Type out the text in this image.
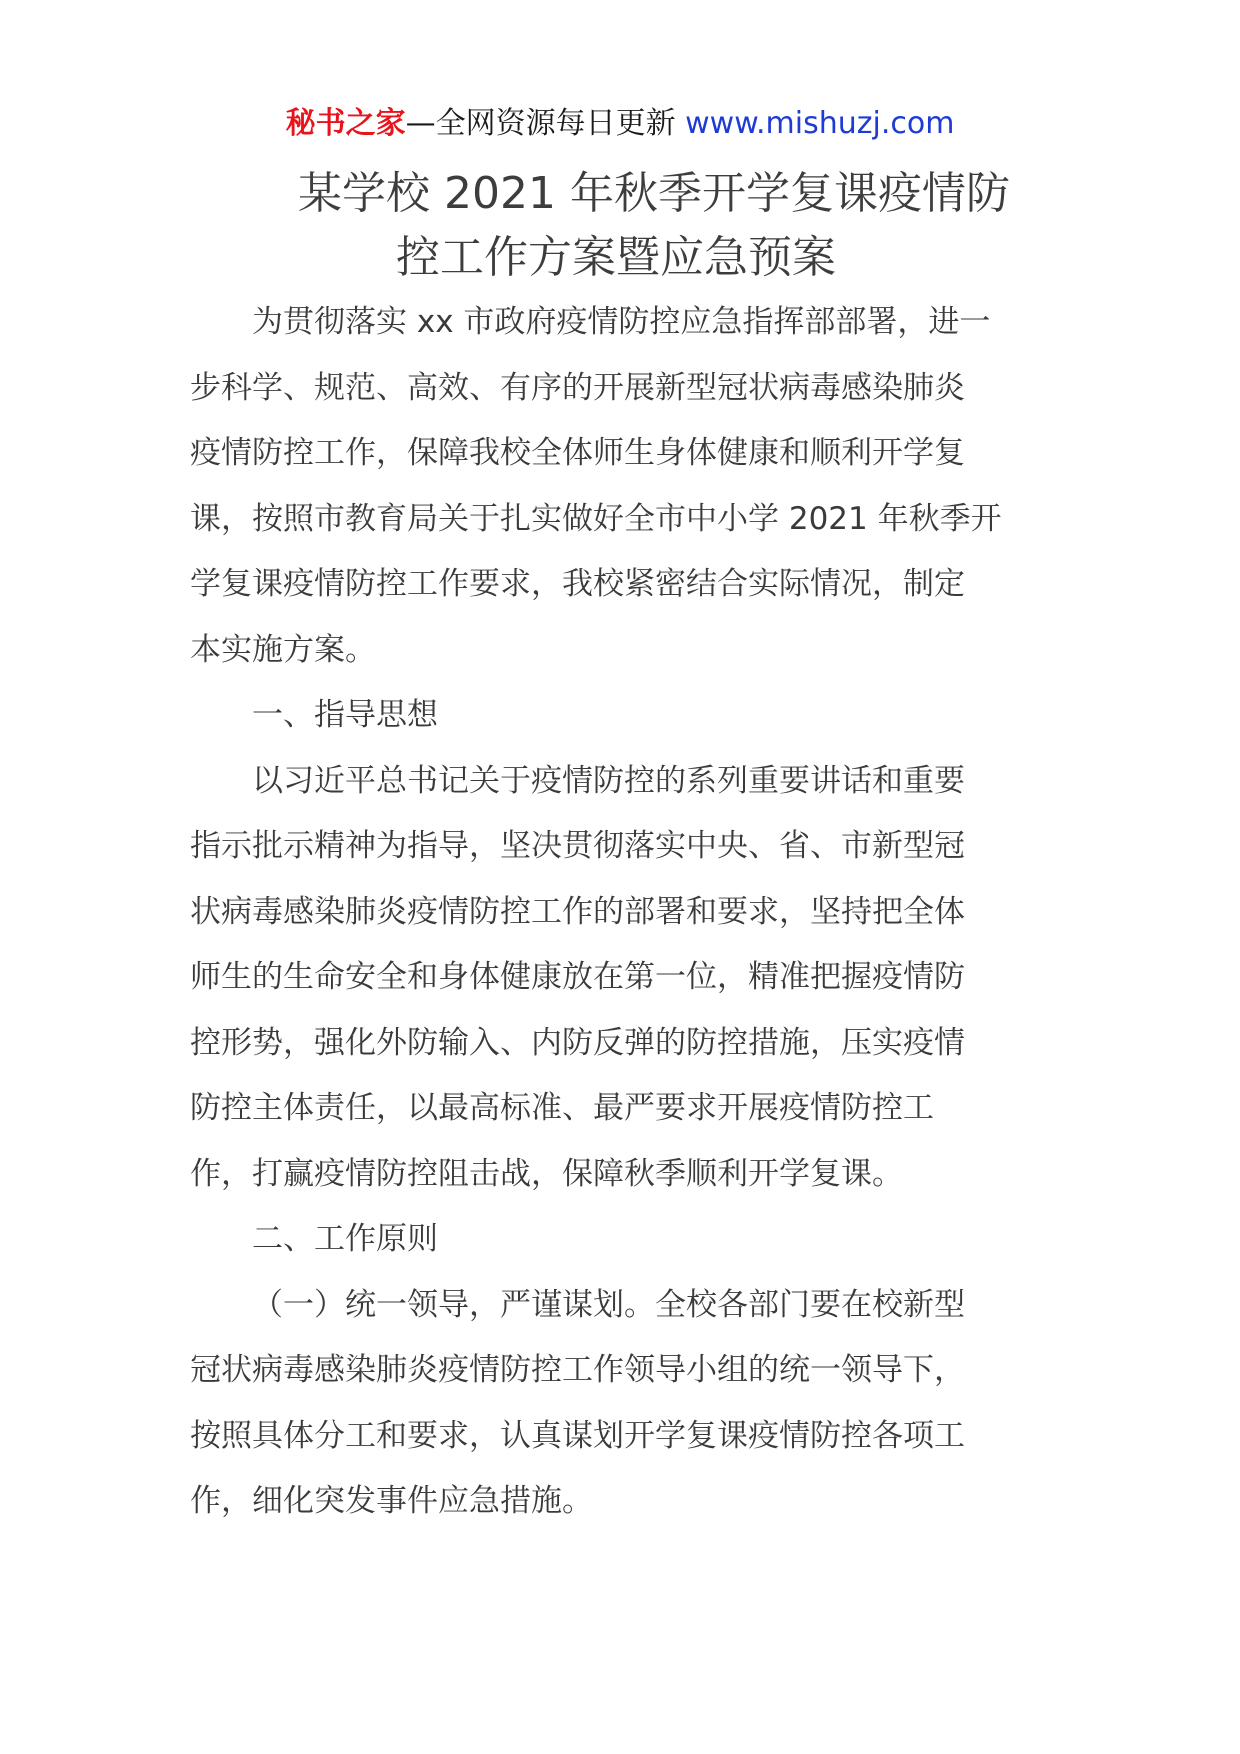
秘书之家—全网资源每日更新 www.mishuzj.com
某学校 2021 年秋季开学复课疫情防
控工作方案暨应急预案

为贯彻落实 xx 市政府疫情防控应急指挥部部署，进一
步科学、规范、高效、有序的开展新型冠状病毒感染肺炎
疫情防控工作，保障我校全体师生身体健康和顺利开学复
课，按照市教育局关于扎实做好全市中小学 2021 年秋季开
学复课疫情防控工作要求，我校紧密结合实际情况，制定
本实施方案。

一、指导思想

以习近平总书记关于疫情防控的系列重要讲话和重要
指示批示精神为指导，坚决贯彻落实中央、省、市新型冠
状病毒感染肺炎疫情防控工作的部署和要求，坚持把全体
师生的生命安全和身体健康放在第一位，精准把握疫情防
控形势，强化外防输入、内防反弹的防控措施，压实疫情
防控主体责任，以最高标准、最严要求开展疫情防控工
作，打赢疫情防控阻击战，保障秋季顺利开学复课。

二、工作原则

（一）统一领导，严谨谋划。全校各部门要在校新型
冠状病毒感染肺炎疫情防控工作领导小组的统一领导下，
按照具体分工和要求，认真谋划开学复课疫情防控各项工
作，细化突发事件应急措施。
